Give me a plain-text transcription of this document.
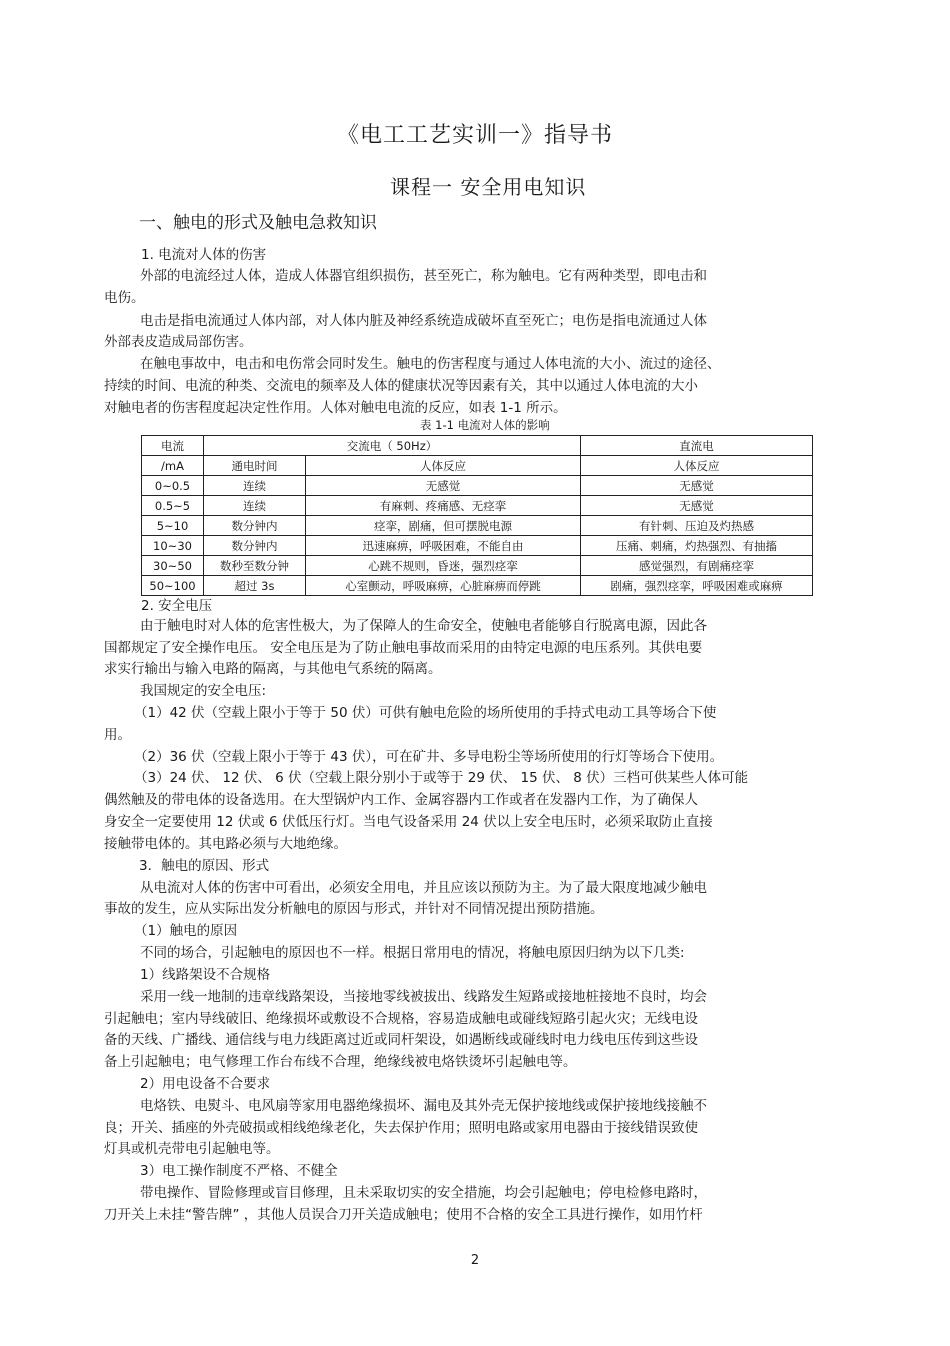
《电工工艺实训一》指导书
课程一 安全用电知识
一、触电的形式及触电急救知识
1. 电流对人体的伤害
外部的电流经过人体，造成人体器官组织损伤，甚至死亡，称为触电。它有两种类型，即电击和
电伤。
电击是指电流通过人体内部，对人体内脏及神经系统造成破坏直至死亡；电伤是指电流通过人体
外部表皮造成局部伤害。
在触电事故中，电击和电伤常会同时发生。触电的伤害程度与通过人体电流的大小、流过的途径、
持续的时间、电流的种类、交流电的频率及人体的健康状况等因素有关，其中以通过人体电流的大小
对触电者的伤害程度起决定性作用。人体对触电电流的反应，如表 1-1 所示。
表 1-1 电流对人体的影响
电流	交流电（ 50Hz）		直流电
/mA	通电时间	人体反应	人体反应
0~0.5	连续	无感觉	无感觉
0.5~5	连续	有麻刺、疼痛感、无痉挛	无感觉
5~10	数分钟内	痉挛，剧痛，但可摆脱电源	有针刺、压迫及灼热感
10~30	数分钟内	迅速麻痹，呼吸困难，不能自由	压痛、刺痛，灼热强烈、有抽搐
30~50	数秒至数分钟	心跳不规则，昏迷，强烈痉挛	感觉强烈，有剧痛痉挛
50~100	超过 3s	心室颤动，呼吸麻痹，心脏麻痹而停跳	剧痛，强烈痉挛，呼吸困难或麻痹
2. 安全电压
由于触电时对人体的危害性极大，为了保障人的生命安全，使触电者能够自行脱离电源，因此各
国都规定了安全操作电压。 安全电压是为了防止触电事故而采用的由特定电源的电压系列。其供电要
求实行输出与输入电路的隔离，与其他电气系统的隔离。
我国规定的安全电压:
（1）42 伏（空载上限小于等于 50 伏）可供有触电危险的场所使用的手持式电动工具等场合下使
用。
（2）36 伏（空载上限小于等于 43 伏），可在矿井、多导电粉尘等场所使用的行灯等场合下使用。
（3）24 伏、 12 伏、 6 伏（空载上限分别小于或等于 29 伏、 15 伏、 8 伏）三档可供某些人体可能
偶然触及的带电体的设备选用。在大型锅炉内工作、金属容器内工作或者在发器内工作，为了确保人
身安全一定要使用 12 伏或 6 伏低压行灯。当电气设备采用 24 伏以上安全电压时，必须采取防止直接
接触带电体的。其电路必须与大地绝缘。
3．触电的原因、形式
从电流对人体的伤害中可看出，必须安全用电，并且应该以预防为主。为了最大限度地减少触电
事故的发生，应从实际出发分析触电的原因与形式，并针对不同情况提出预防措施。
（1）触电的原因
不同的场合，引起触电的原因也不一样。根据日常用电的情况，将触电原因归纳为以下几类:
1）线路架设不合规格
采用一线一地制的违章线路架设，当接地零线被拔出、线路发生短路或接地桩接地不良时，均会
引起触电；室内导线破旧、绝缘损坏或敷设不合规格，容易造成触电或碰线短路引起火灾；无线电设
备的天线、广播线、通信线与电力线距离过近或同杆架设，如遇断线或碰线时电力线电压传到这些设
备上引起触电；电气修理工作台布线不合理，绝缘线被电烙铁烫坏引起触电等。
2）用电设备不合要求
电烙铁、电熨斗、电风扇等家用电器绝缘损坏、漏电及其外壳无保护接地线或保护接地线接触不
良；开关、插座的外壳破损或相线绝缘老化，失去保护作用；照明电路或家用电器由于接线错误致使
灯具或机壳带电引起触电等。
3）电工操作制度不严格、不健全
带电操作、冒险修理或盲目修理，且未采取切实的安全措施，均会引起触电；停电检修电路时，
刀开关上未挂“警告牌” ，其他人员误合刀开关造成触电；使用不合格的安全工具进行操作，如用竹杆
2
